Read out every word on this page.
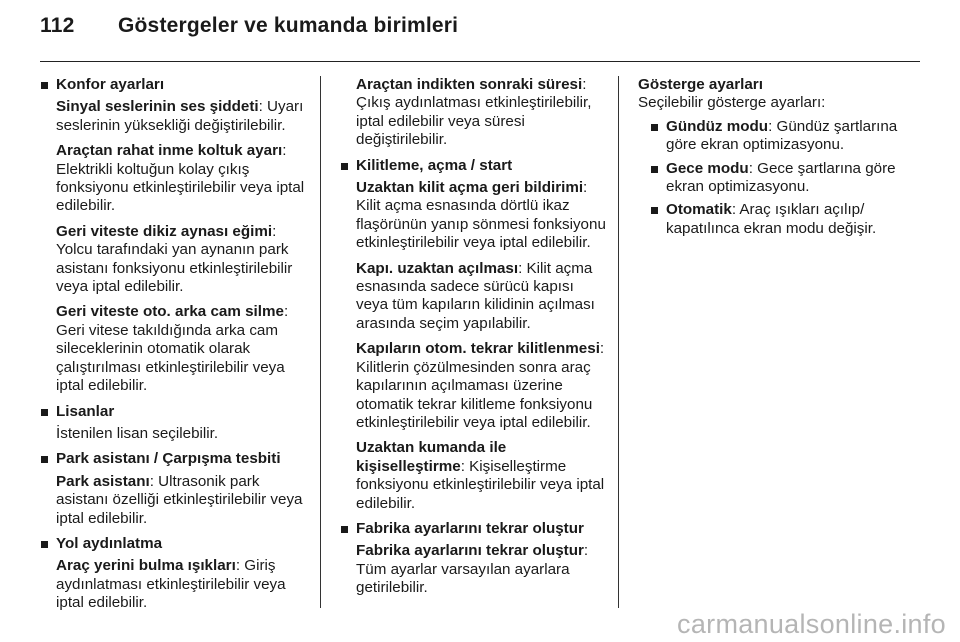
112	Göstergeler ve kumanda birimleri
Konfor ayarları
Sinyal seslerinin ses şiddeti: Uyarı seslerinin yüksekliği değiştirilebilir.
Araçtan rahat inme koltuk ayarı: Elektrikli koltuğun kolay çıkış fonksiyonu etkinleştirilebilir veya iptal edilebilir.
Geri viteste dikiz aynası eğimi: Yolcu tarafındaki yan aynanın park asistanı fonksiyonu etkinleştirilebilir veya iptal edilebilir.
Geri viteste oto. arka cam silme: Geri vitese takıldığında arka cam sileceklerinin otomatik olarak çalıştırılması etkinleştirilebilir veya iptal edilebilir.
Lisanlar
İstenilen lisan seçilebilir.
Park asistanı / Çarpışma tesbiti
Park asistanı: Ultrasonik park asistanı özelliği etkinleştirilebilir veya iptal edilebilir.
Yol aydınlatma
Araç yerini bulma ışıkları: Giriş aydınlatması etkinleştirilebilir veya iptal edilebilir.
Araçtan indikten sonraki süresi: Çıkış aydınlatması etkinleştirilebilir, iptal edilebilir veya süresi değiştirilebilir.
Kilitleme, açma / start
Uzaktan kilit açma geri bildirimi: Kilit açma esnasında dörtlü ikaz flaşörünün yanıp sönmesi fonksiyonu etkinleştirilebilir veya iptal edilebilir.
Kapı. uzaktan açılması: Kilit açma esnasında sadece sürücü kapısı veya tüm kapıların kilidinin açılması arasında seçim yapılabilir.
Kapıların otom. tekrar kilitlenmesi: Kilitlerin çözülmesinden sonra araç kapılarının açılmaması üzerine otomatik tekrar kilitleme fonksiyonu etkinleştirilebilir veya iptal edilebilir.
Uzaktan kumanda ile kişiselleştirme: Kişiselleştirme fonksiyonu etkinleştirilebilir veya iptal edilebilir.
Fabrika ayarlarını tekrar oluştur
Fabrika ayarlarını tekrar oluştur: Tüm ayarlar varsayılan ayarlara getirilebilir.
Gösterge ayarları
Seçilebilir gösterge ayarları:
Gündüz modu: Gündüz şartlarına göre ekran optimizasyonu.
Gece modu: Gece şartlarına göre ekran optimizasyonu.
Otomatik: Araç ışıkları açılıp/ kapatılınca ekran modu değişir.
carmanualsonline.info
